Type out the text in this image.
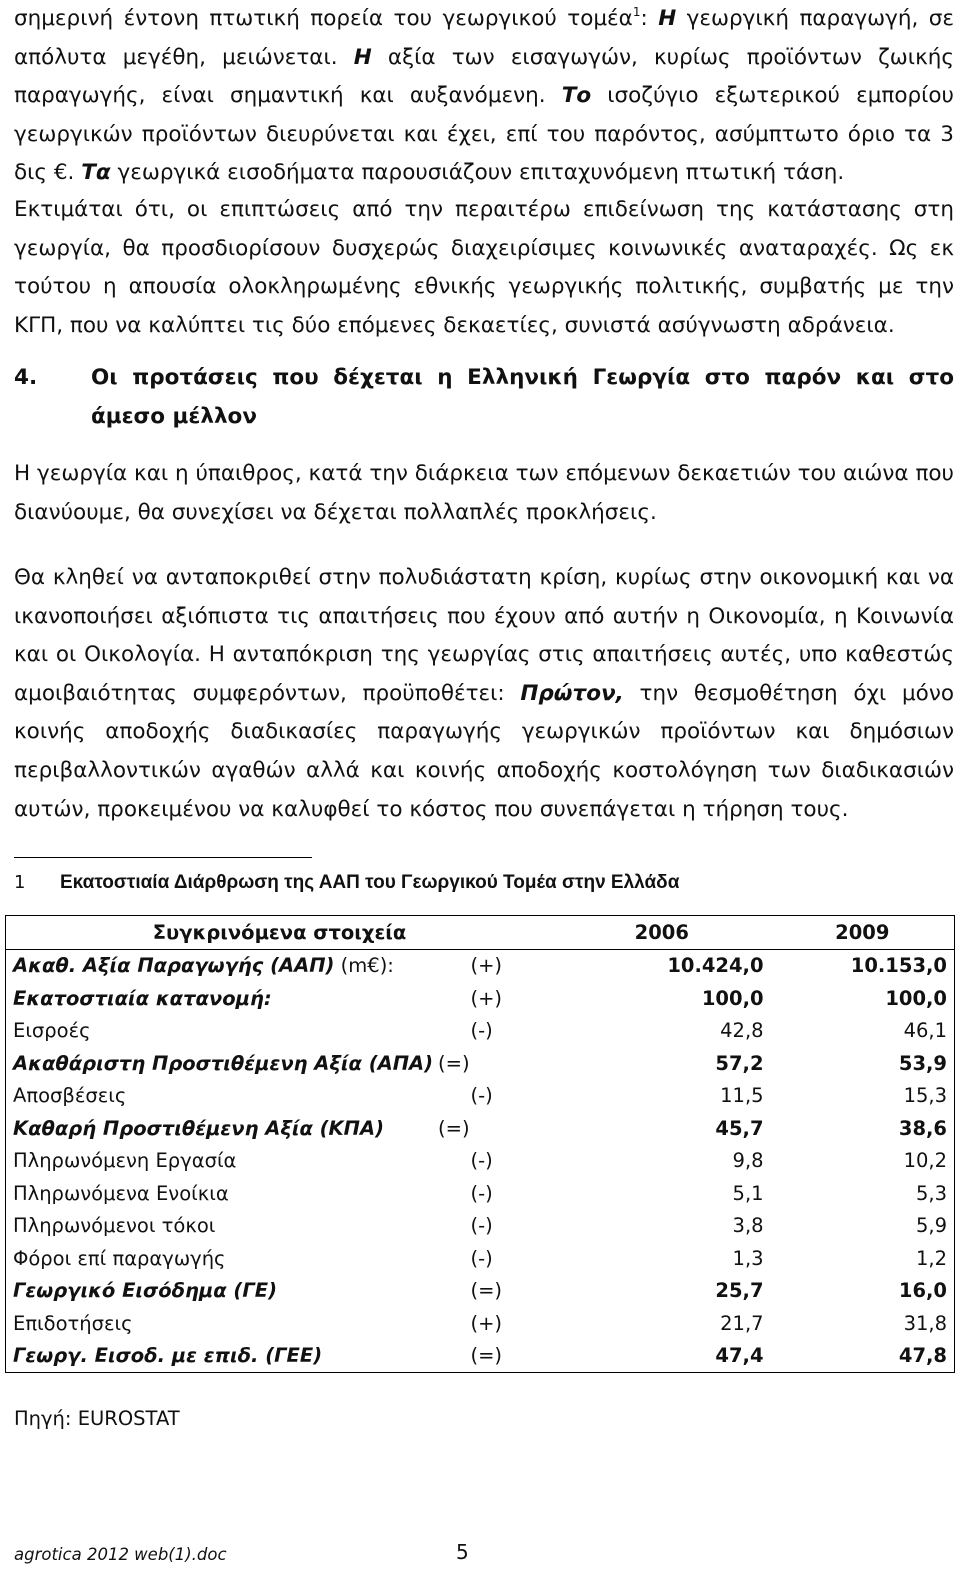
σημερινή έντονη πτωτική πορεία του γεωργικού τομέα$^1$: Η γεωργική παραγωγή, σε απόλυτα μεγέθη, μειώνεται. Η αξία των εισαγωγών, κυρίως προϊόντων ζωικής παραγωγής, είναι σημαντική και αυξανόμενη. Το ισοζύγιο εξωτερικού εμπορίου γεωργικών προϊόντων διευρύνεται και έχει, επί του παρόντος, ασύμπτωτο όριο τα 3 δις €. Τα γεωργικά εισοδήματα παρουσιάζουν επιταχυνόμενη πτωτική τάση.

Εκτιμάται ότι, οι επιπτώσεις από την περαιτέρω επιδείνωση της κατάστασης στη γεωργία, θα προσδιορίσουν δυσχερώς διαχειρίσιμες κοινωνικές αναταραχές. Ως εκ τούτου η απουσία ολοκληρωμένης εθνικής γεωργικής πολιτικής, συμβατής με την ΚΓΠ, που να καλύπτει τις δύο επόμενες δεκαετίες, συνιστά ασύγνωστη αδράνεια.

4.	Οι προτάσεις που δέχεται η Ελληνική Γεωργία στο παρόν και στο άμεσο μέλλον

Η γεωργία και η ύπαιθρος, κατά την διάρκεια των επόμενων δεκαετιών του αιώνα που διανύουμε, θα συνεχίσει να δέχεται πολλαπλές προκλήσεις.

Θα κληθεί να ανταποκριθεί στην πολυδιάστατη κρίση, κυρίως στην οικονομική και να ικανοποιήσει αξιόπιστα τις απαιτήσεις που έχουν από αυτήν η Οικονομία, η Κοινωνία και οι Οικολογία. Η ανταπόκριση της γεωργίας στις απαιτήσεις αυτές, υπο καθεστώς αμοιβαιότητας συμφερόντων, προϋποθέτει: Πρώτον, την θεσμοθέτηση όχι μόνο κοινής αποδοχής διαδικασίες παραγωγής γεωργικών προϊόντων και δημόσιων περιβαλλοντικών αγαθών αλλά και κοινής αποδοχής κοστολόγηση των διαδικασιών αυτών, προκειμένου να καλυφθεί το κόστος που συνεπάγεται η τήρηση τους.

1 Εκατοστιαία Διάρθρωση της ΑΑΠ του Γεωργικού Τομέα στην Ελλάδα
Συγκρινόμενα στοιχεία		2006	2009
Ακαθ. Αξία Παραγωγής (ΑΑΠ) (m€):	(+)	10.424,0	10.153,0
Εκατοστιαία κατανομή:	(+)	100,0	100,0
Εισροές	(-)	42,8	46,1
Ακαθάριστη Προστιθέμενη Αξία (ΑΠΑ) (=)		57,2	53,9
Αποσβέσεις	(-)	11,5	15,3
Καθαρή Προστιθέμενη Αξία (ΚΠΑ) (=)		45,7	38,6
Πληρωνόμενη Εργασία	(-)	9,8	10,2
Πληρωνόμενα Ενοίκια	(-)	5,1	5,3
Πληρωνόμενοι τόκοι	(-)	3,8	5,9
Φόροι επί παραγωγής	(-)	1,3	1,2
Γεωργικό Εισόδημα (ΓΕ)	(=)	25,7	16,0
Επιδοτήσεις	(+)	21,7	31,8
Γεωργ. Εισοδ. με επιδ. (ΓΕΕ)	(=)	47,4	47,8
Πηγή: EUROSTAT
agrotica 2012 web(1).doc	5
